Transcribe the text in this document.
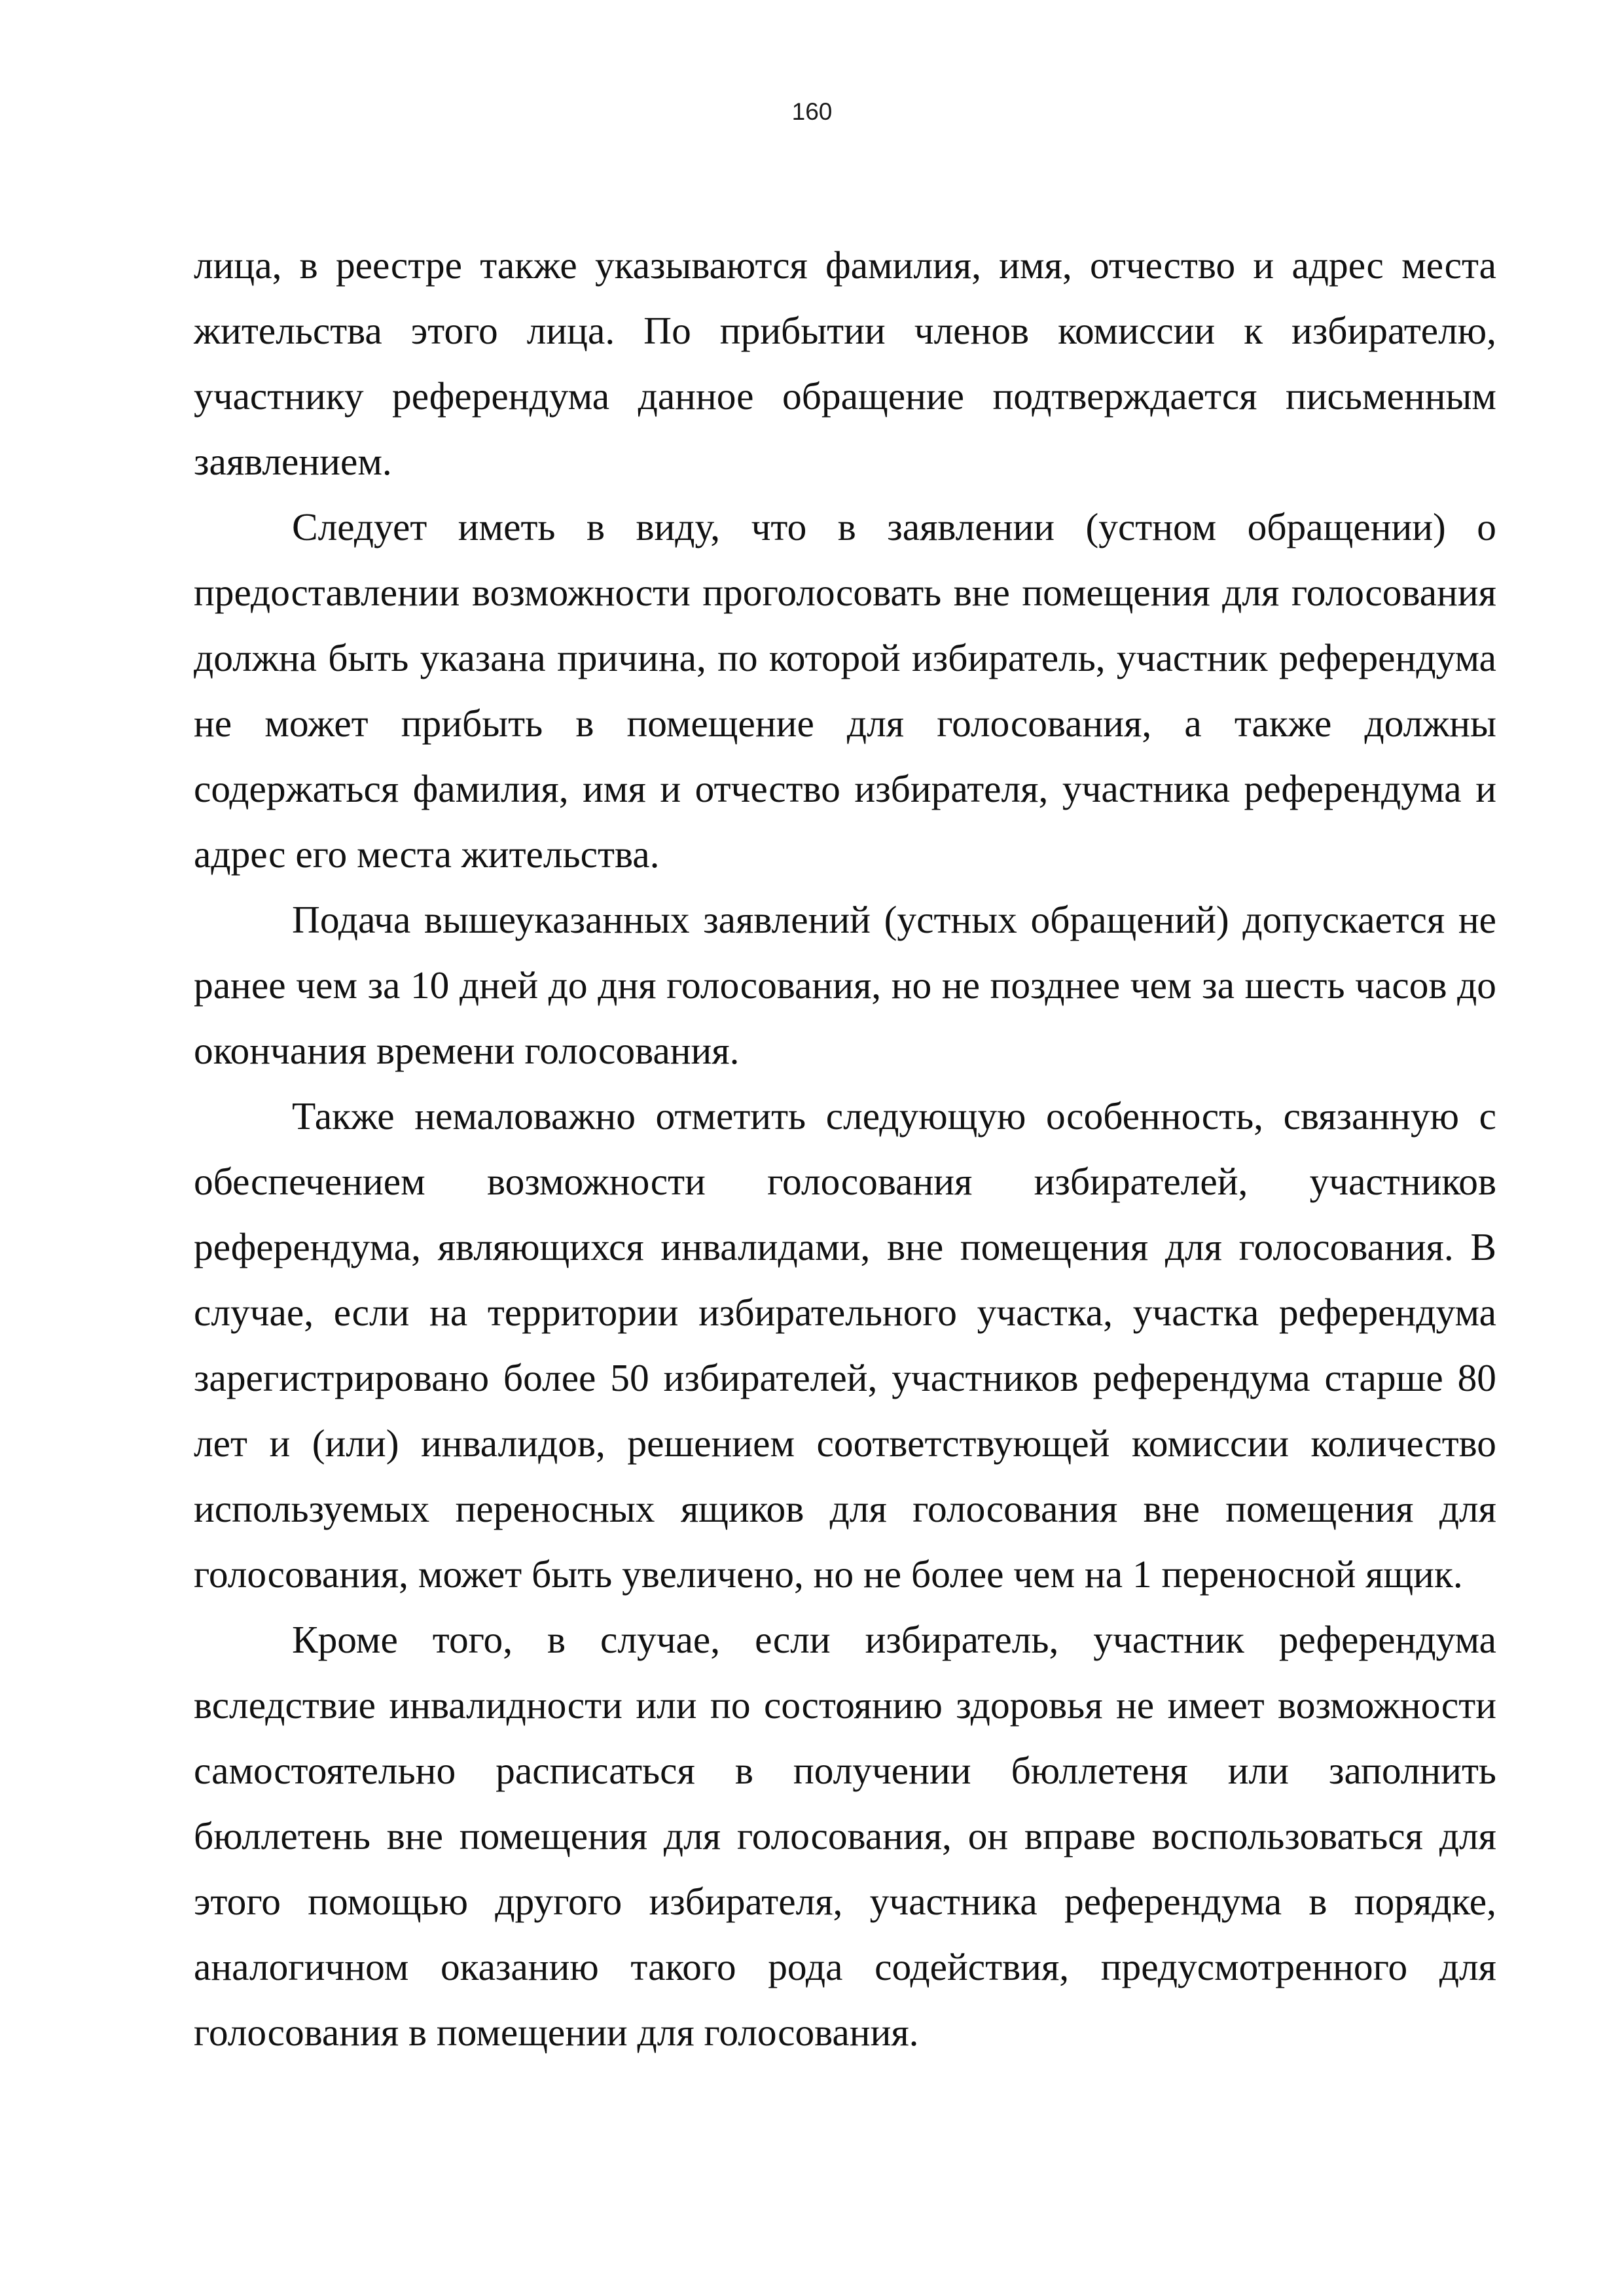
160

лица, в реестре также указываются фамилия, имя, отчество и адрес места жительства этого лица. По прибытии членов комиссии к избирателю, участнику референдума данное обращение подтверждается письменным заявлением.

Следует иметь в виду, что в заявлении (устном обращении) о предоставлении возможности проголосовать вне помещения для голосования должна быть указана причина, по которой избиратель, участник референдума не может прибыть в помещение для голосования, а также должны содержаться фамилия, имя и отчество избирателя, участника референдума и адрес его места жительства.

Подача вышеуказанных заявлений (устных обращений) допускается не ранее чем за 10 дней до дня голосования, но не позднее чем за шесть часов до окончания времени голосования.

Также немаловажно отметить следующую особенность, связанную с обеспечением возможности голосования избирателей, участников референдума, являющихся инвалидами, вне помещения для голосования. В случае, если на территории избирательного участка, участка референдума зарегистрировано более 50 избирателей, участников референдума старше 80 лет и (или) инвалидов, решением соответствующей комиссии количество используемых переносных ящиков для голосования вне помещения для голосования, может быть увеличено, но не более чем на 1 переносной ящик.

Кроме того, в случае, если избиратель, участник референдума вследствие инвалидности или по состоянию здоровья не имеет возможности самостоятельно расписаться в получении бюллетеня или заполнить бюллетень вне помещения для голосования, он вправе воспользоваться для этого помощью другого избирателя, участника референдума в порядке, аналогичном оказанию такого рода содействия, предусмотренного для голосования в помещении для голосования.
